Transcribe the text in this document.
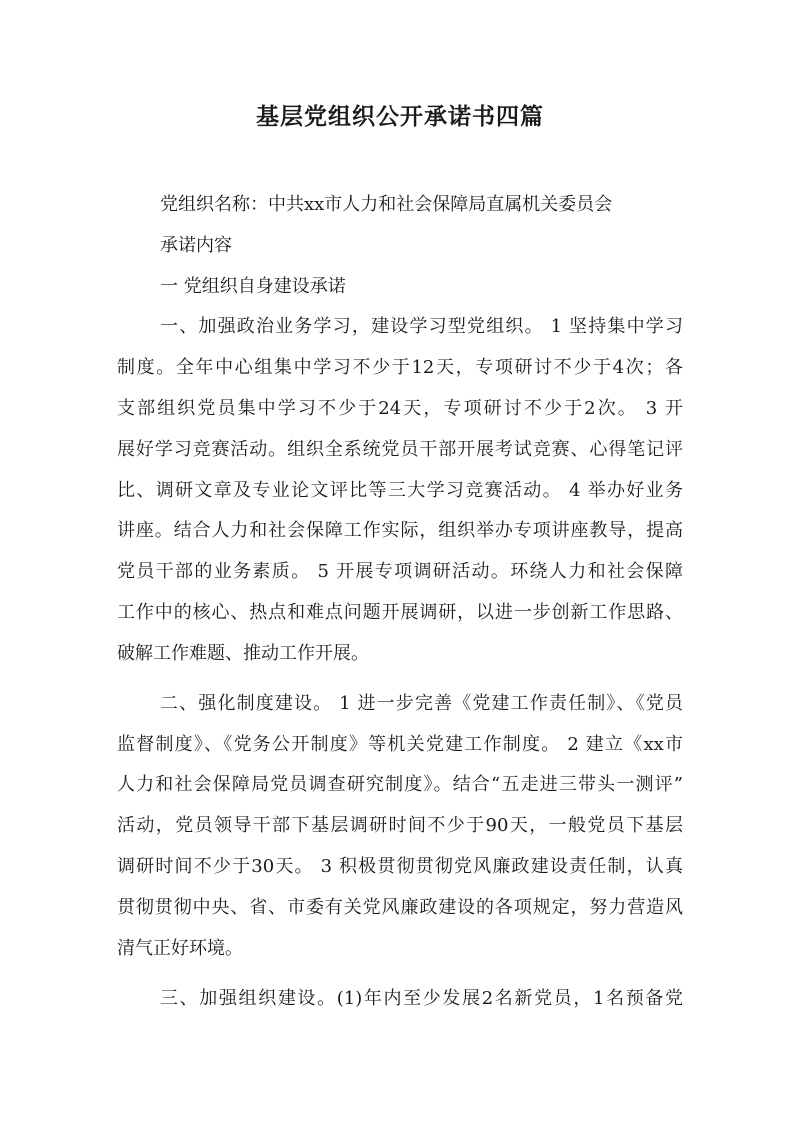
基层党组织公开承诺书四篇

党组织名称：中共xx市人力和社会保障局直属机关委员会

承诺内容

一 党组织自身建设承诺

一、加强政治业务学习，建设学习型党组织。 1 坚持集中学习

制度。全年中心组集中学习不少于12天，专项研讨不少于4次；各

支部组织党员集中学习不少于24天，专项研讨不少于2次。 3 开

展好学习竞赛活动。组织全系统党员干部开展考试竞赛、心得笔记评

比、调研文章及专业论文评比等三大学习竞赛活动。 4 举办好业务

讲座。结合人力和社会保障工作实际，组织举办专项讲座教导，提高

党员干部的业务素质。 5 开展专项调研活动。环绕人力和社会保障

工作中的核心、热点和难点问题开展调研，以进一步创新工作思路、

破解工作难题、推动工作开展。

二、强化制度建设。 1 进一步完善《党建工作责任制》、《党员

监督制度》、《党务公开制度》等机关党建工作制度。 2 建立《xx市

人力和社会保障局党员调查研究制度》。结合“五走进三带头一测评”

活动，党员领导干部下基层调研时间不少于90天，一般党员下基层

调研时间不少于30天。 3 积极贯彻贯彻党风廉政建设责任制，认真

贯彻贯彻中央、省、市委有关党风廉政建设的各项规定，努力营造风

清气正好环境。

三、加强组织建设。(1)年内至少发展2名新党员，1名预备党
